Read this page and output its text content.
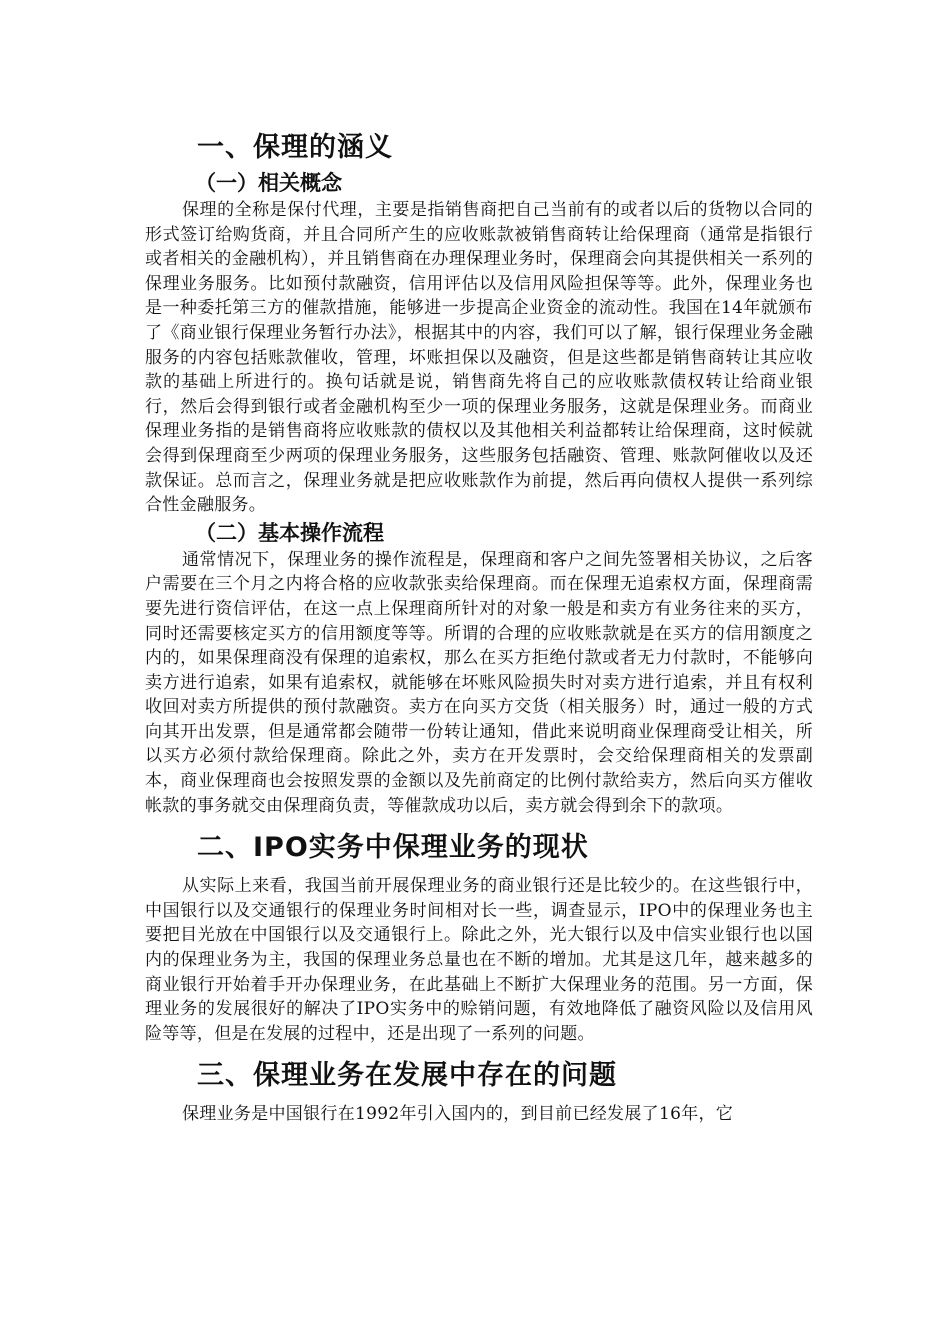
一、保理的涵义
（一）相关概念

保理的全称是保付代理，主要是指销售商把自己当前有的或者以后的货物以合同的形式签订给购货商，并且合同所产生的应收账款被销售商转让给保理商（通常是指银行或者相关的金融机构），并且销售商在办理保理业务时，保理商会向其提供相关一系列的保理业务服务。比如预付款融资，信用评估以及信用风险担保等等。此外，保理业务也是一种委托第三方的催款措施，能够进一步提高企业资金的流动性。我国在14年就颁布了《商业银行保理业务暂行办法》，根据其中的内容，我们可以了解，银行保理业务金融服务的内容包括账款催收，管理，坏账担保以及融资，但是这些都是销售商转让其应收款的基础上所进行的。换句话就是说，销售商先将自己的应收账款债权转让给商业银行，然后会得到银行或者金融机构至少一项的保理业务服务，这就是保理业务。而商业保理业务指的是销售商将应收账款的债权以及其他相关利益都转让给保理商，这时候就会得到保理商至少两项的保理业务服务，这些服务包括融资、管理、账款阿催收以及还款保证。总而言之，保理业务就是把应收账款作为前提，然后再向债权人提供一系列综合性金融服务。

（二）基本操作流程

通常情况下，保理业务的操作流程是，保理商和客户之间先签署相关协议，之后客户需要在三个月之内将合格的应收款张卖给保理商。而在保理无追索权方面，保理商需要先进行资信评估，在这一点上保理商所针对的对象一般是和卖方有业务往来的买方，同时还需要核定买方的信用额度等等。所谓的合理的应收账款就是在买方的信用额度之内的，如果保理商没有保理的追索权，那么在买方拒绝付款或者无力付款时，不能够向卖方进行追索，如果有追索权，就能够在坏账风险损失时对卖方进行追索，并且有权利收回对卖方所提供的预付款融资。卖方在向买方交货（相关服务）时，通过一般的方式向其开出发票，但是通常都会随带一份转让通知，借此来说明商业保理商受让相关，所以买方必须付款给保理商。除此之外，卖方在开发票时，会交给保理商相关的发票副本，商业保理商也会按照发票的金额以及先前商定的比例付款给卖方，然后向买方催收帐款的事务就交由保理商负责，等催款成功以后，卖方就会得到余下的款项。

二、IPO实务中保理业务的现状

从实际上来看，我国当前开展保理业务的商业银行还是比较少的。在这些银行中，中国银行以及交通银行的保理业务时间相对长一些，调查显示，IPO中的保理业务也主要把目光放在中国银行以及交通银行上。除此之外，光大银行以及中信实业银行也以国内的保理业务为主，我国的保理业务总量也在不断的增加。尤其是这几年，越来越多的商业银行开始着手开办保理业务，在此基础上不断扩大保理业务的范围。另一方面，保理业务的发展很好的解决了IPO实务中的赊销问题，有效地降低了融资风险以及信用风险等等，但是在发展的过程中，还是出现了一系列的问题。

三、保理业务在发展中存在的问题

保理业务是中国银行在1992年引入国内的，到目前已经发展了16年，它
